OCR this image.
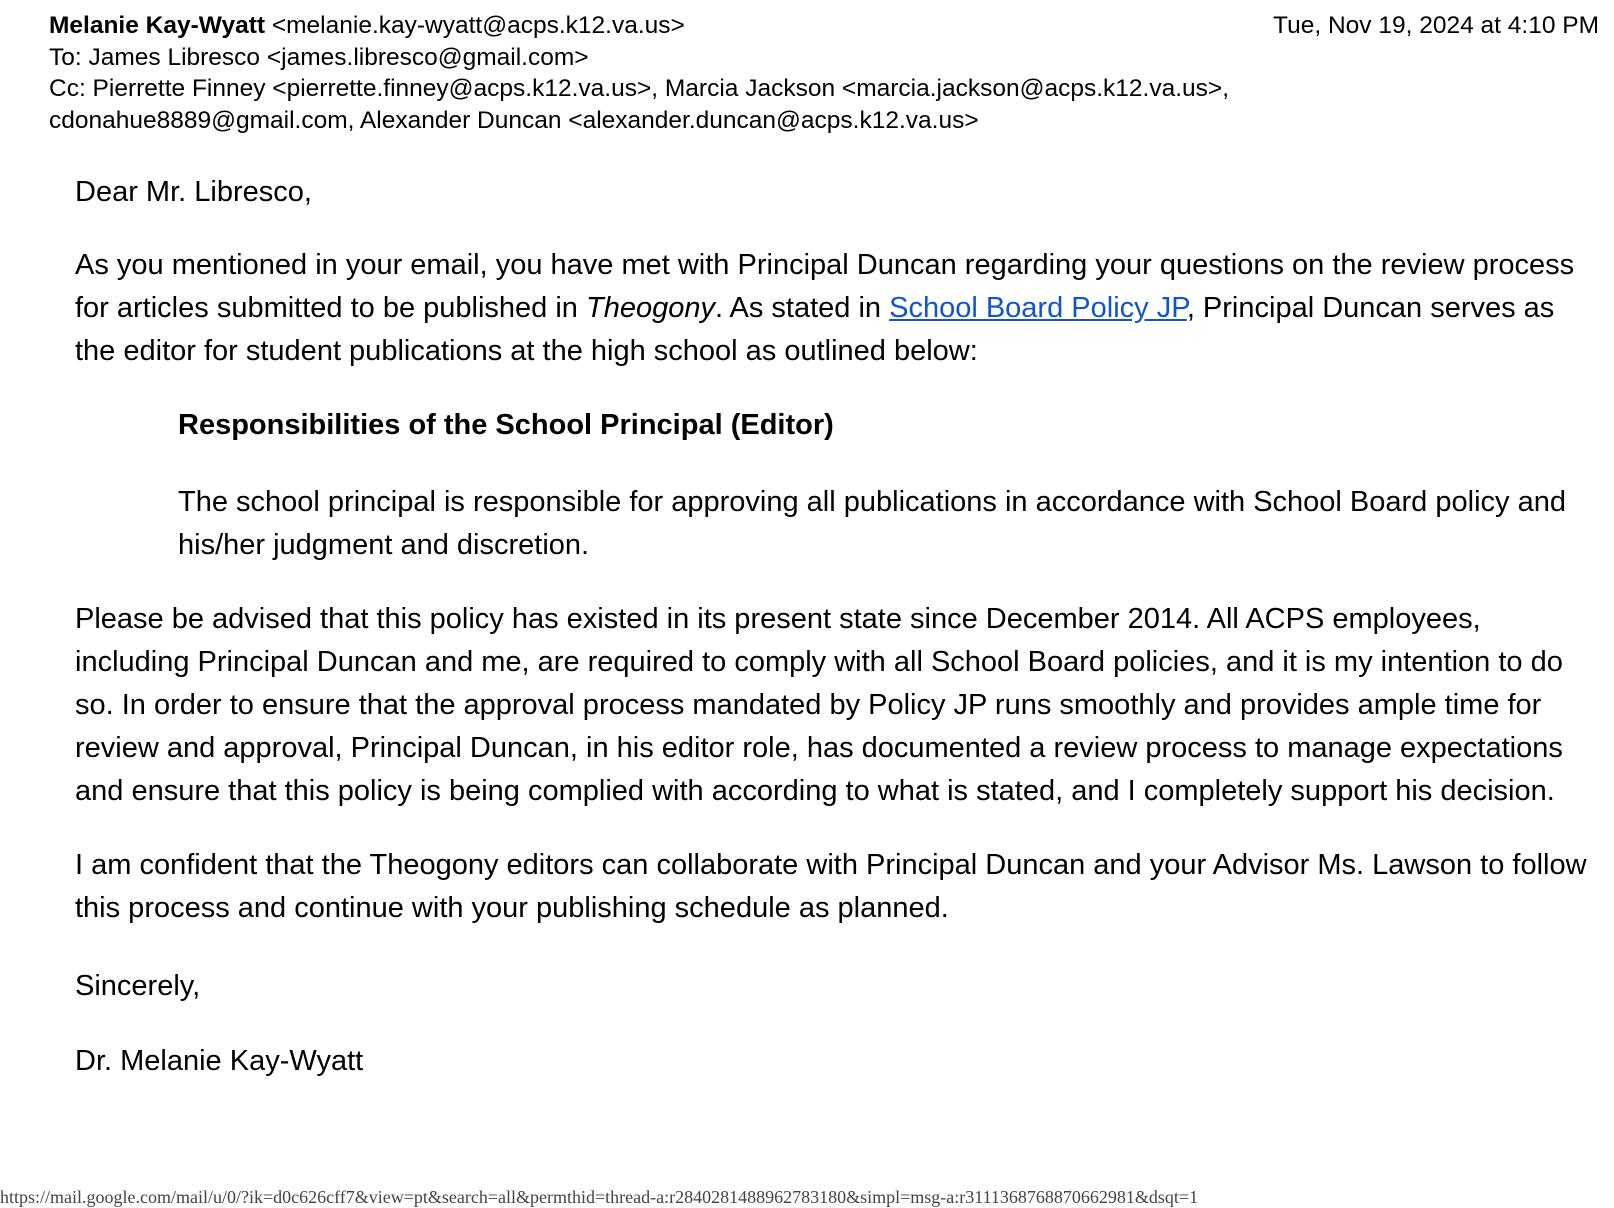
Melanie Kay-Wyatt <melanie.kay-wyatt@acps.k12.va.us>	Tue, Nov 19, 2024 at 4:10 PM
To: James Libresco <james.libresco@gmail.com>
Cc: Pierrette Finney <pierrette.finney@acps.k12.va.us>, Marcia Jackson <marcia.jackson@acps.k12.va.us>,
cdonahue8889@gmail.com, Alexander Duncan <alexander.duncan@acps.k12.va.us>

Dear Mr. Libresco,

As you mentioned in your email, you have met with Principal Duncan regarding your questions on the review process for articles submitted to be published in Theogony. As stated in School Board Policy JP, Principal Duncan serves as the editor for student publications at the high school as outlined below:

Responsibilities of the School Principal (Editor)

The school principal is responsible for approving all publications in accordance with School Board policy and his/her judgment and discretion.

Please be advised that this policy has existed in its present state since December 2014. All ACPS employees, including Principal Duncan and me, are required to comply with all School Board policies, and it is my intention to do so. In order to ensure that the approval process mandated by Policy JP runs smoothly and provides ample time for review and approval, Principal Duncan, in his editor role, has documented a review process to manage expectations and ensure that this policy is being complied with according to what is stated, and I completely support his decision.

I am confident that the Theogony editors can collaborate with Principal Duncan and your Advisor Ms. Lawson to follow this process and continue with your publishing schedule as planned.

Sincerely,

Dr. Melanie Kay-Wyatt

https://mail.google.com/mail/u/0/?ik=d0c626cff7&view=pt&search=all&permthid=thread-a:r2840281488962783180&simpl=msg-a:r3111368768870662981&dsqt=1
